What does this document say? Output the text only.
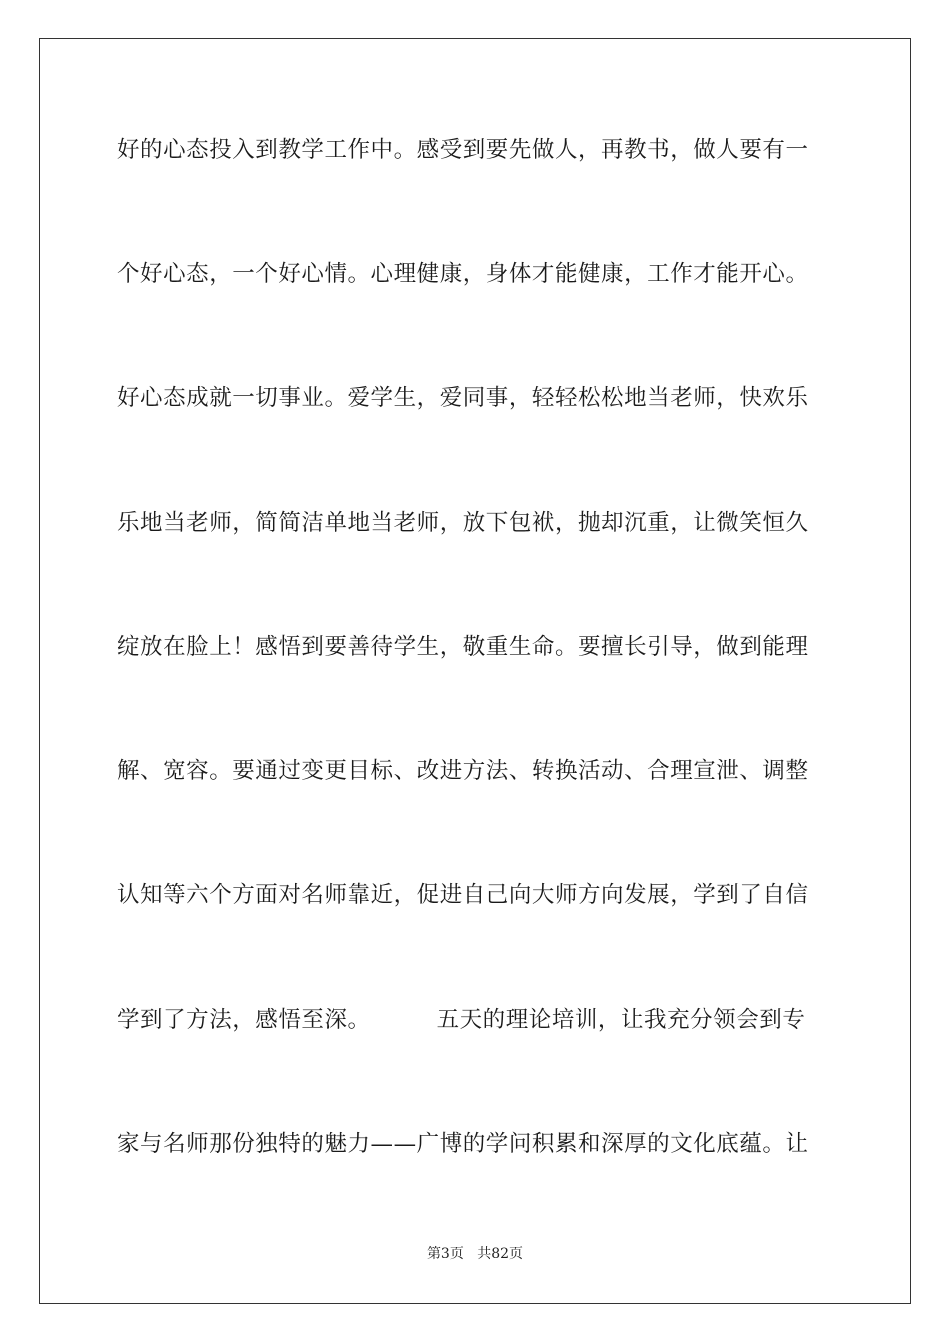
好的心态投入到教学工作中。感受到要先做人，再教书，做人要有一
个好心态，一个好心情。心理健康，身体才能健康，工作才能开心。
好心态成就一切事业。爱学生，爱同事，轻轻松松地当老师，快欢乐
乐地当老师，简简洁单地当老师，放下包袱，抛却沉重，让微笑恒久
绽放在脸上！感悟到要善待学生，敬重生命。要擅长引导，做到能理
解、宽容。要通过变更目标、改进方法、转换活动、合理宣泄、调整
认知等六个方面对名师靠近，促进自己向大师方向发展，学到了自信
学到了方法，感悟至深。	五天的理论培训，让我充分领会到专
家与名师那份独特的魅力——广博的学问积累和深厚的文化底蕴。让
第3页 共82页
